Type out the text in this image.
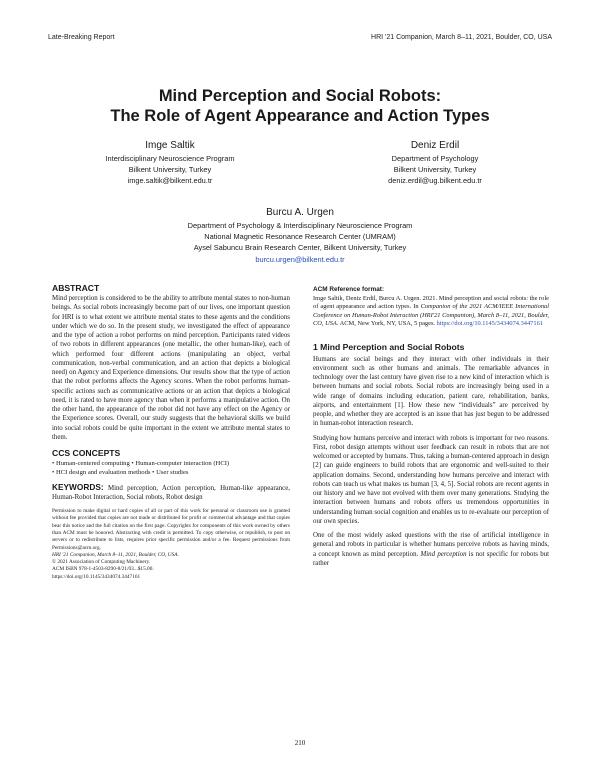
Late-Breaking Report	HRI '21 Companion, March 8–11, 2021, Boulder, CO, USA
Mind Perception and Social Robots:
The Role of Agent Appearance and Action Types
Imge Saltik
Interdisciplinary Neuroscience Program
Bilkent University, Turkey
imge.saltik@bilkent.edu.tr
Deniz Erdil
Department of Psychology
Bilkent University, Turkey
deniz.erdil@ug.bilkent.edu.tr
Burcu A. Urgen
Department of Psychology & Interdisciplinary Neuroscience Program
National Magnetic Resonance Research Center (UMRAM)
Aysel Sabuncu Brain Research Center, Bilkent University, Turkey
burcu.urgen@bilkent.edu.tr
ABSTRACT

Mind perception is considered to be the ability to attribute mental states to non-human beings. As social robots increasingly become part of our lives, one important question for HRI is to what extent we attribute mental states to these agents and the conditions under which we do so. In the present study, we investigated the effect of appearance and the type of action a robot performs on mind perception. Participants rated videos of two robots in different appearances (one metallic, the other human-like), each of which performed four different actions (manipulating an object, verbal communication, non-verbal communication, and an action that depicts a biological need) on Agency and Experience dimensions. Our results show that the type of action that the robot performs affects the Agency scores. When the robot performs human-specific actions such as communicative actions or an action that depicts a biological need, it is rated to have more agency than when it performs a manipulative action. On the other hand, the appearance of the robot did not have any effect on the Agency or the Experience scores. Overall, our study suggests that the behavioral skills we build into social robots could be quite important in the extent we attribute mental states to them.

CCS CONCEPTS
• Human-centered computing • Human-computer interaction (HCI)
• HCI design and evaluation methods • User studies

KEYWORDS: Mind perception, Action perception, Human-like appearance, Human-Robot Interaction, Social robots, Robot design

Permission to make digital or hard copies of all or part of this work for personal or classroom use is granted without fee provided that copies are not made or distributed for profit or commercial advantage and that copies bear this notice and the full citation on the first page. Copyrights for components of this work owned by others than ACM must be honored. Abstracting with credit is permitted. To copy otherwise, or republish, to post on servers or to redistribute to lists, requires prior specific permission and/or a fee. Request permissions from Permissions@acm.org.

HRI '21 Companion, March 8–11, 2021, Boulder, CO, USA.

© 2021 Association of Computing Machinery.

ACM ISBN 978-1-4503-8290-8/21/03...$15.00.

https://doi.org/10.1145/3434074.3447161

ACM Reference format:
Imge Saltik, Deniz Erdil, Burcu A. Urgen. 2021. Mind perception and social robots: the role of agent appearance and action types. In Companion of the 2021 ACM/IEEE International Conference on Human-Robot Interaction (HRI'21 Companion), March 8–11, 2021, Boulder, CO, USA. ACM, New York, NY, USA, 5 pages. https://doi.org/10.1145/3434074.3447161
1 Mind Perception and Social Robots

Humans are social beings and they interact with other individuals in their environment such as other humans and animals. The remarkable advances in technology over the last century have given rise to a new kind of interaction which is between humans and social robots. Social robots are increasingly being used in a wide range of domains including education, patient care, rehabilitation, banks, airports, and entertainment [1]. How these new “individuals” are perceived by people, and whether they are accepted is an issue that has just begun to be addressed in human-robot interaction research.

Studying how humans perceive and interact with robots is important for two reasons. First, robot design attempts without user feedback can result in robots that are not welcomed or accepted by humans. Thus, taking a human-centered approach in design [2] can guide engineers to build robots that are ergonomic and well-suited to their application domains. Second, understanding how humans perceive and interact with robots can teach us what makes us human [3, 4, 5]. Social robots are recent agents in our history and we have not evolved with them over many generations. Studying the interaction between humans and robots offers us tremendous opportunities in understanding human social cognition and enables us to re-evaluate our perception of our own species.

One of the most widely asked questions with the rise of artificial intelligence in general and robots in particular is whether humans perceive robots as having minds, a concept known as mind perception. Mind perception is not specific for robots but rather

210
